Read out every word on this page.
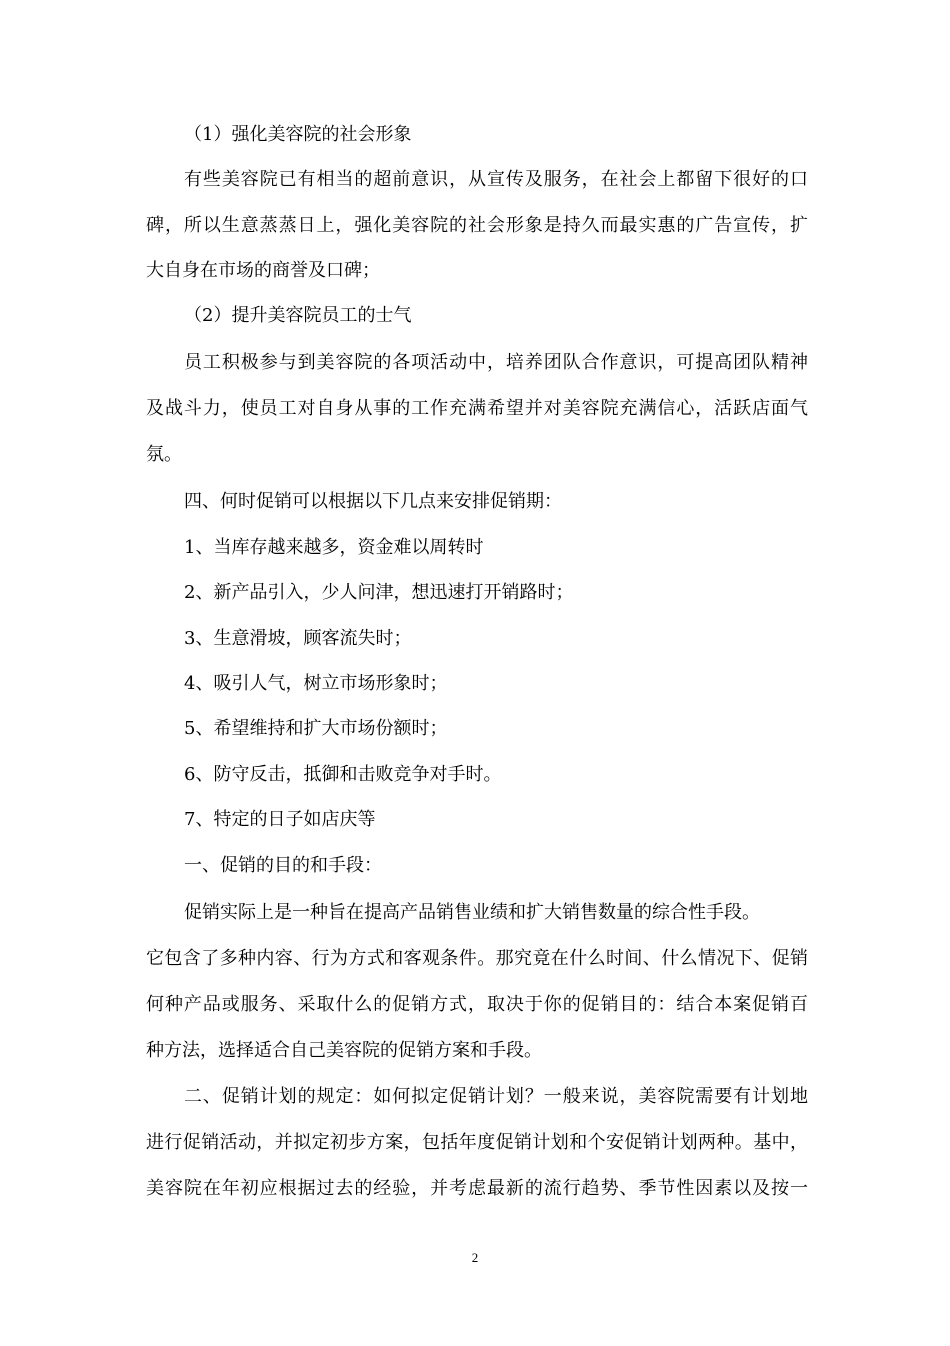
（1）强化美容院的社会形象
有些美容院已有相当的超前意识，从宣传及服务，在社会上都留下很好的口
碑，所以生意蒸蒸日上，强化美容院的社会形象是持久而最实惠的广告宣传，扩
大自身在市场的商誉及口碑；
（2）提升美容院员工的士气
员工积极参与到美容院的各项活动中，培养团队合作意识，可提高团队精神
及战斗力，使员工对自身从事的工作充满希望并对美容院充满信心，活跃店面气
氛。
四、何时促销可以根据以下几点来安排促销期：
1、当库存越来越多，资金难以周转时
2、新产品引入，少人问津，想迅速打开销路时；
3、生意滑坡，顾客流失时；
4、吸引人气，树立市场形象时；
5、希望维持和扩大市场份额时；
6、防守反击，抵御和击败竞争对手时。
7、特定的日子如店庆等
一、促销的目的和手段：
促销实际上是一种旨在提高产品销售业绩和扩大销售数量的综合性手段。
它包含了多种内容、行为方式和客观条件。那究竟在什么时间、什么情况下、促销
何种产品或服务、采取什么的促销方式，取决于你的促销目的：结合本案促销百
种方法，选择适合自己美容院的促销方案和手段。
二、促销计划的规定：如何拟定促销计划？一般来说，美容院需要有计划地
进行促销活动，并拟定初步方案，包括年度促销计划和个安促销计划两种。基中，
美容院在年初应根据过去的经验，并考虑最新的流行趋势、季节性因素以及按一
2
